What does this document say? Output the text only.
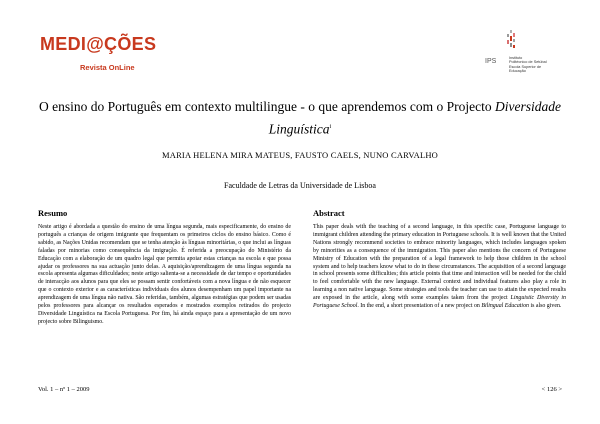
MEDI@ÇÕES
Revista OnLine
IPS	Instituto
Politécnico de Setúbal
Escola Superior de
Educação
O ensino do Português em contexto multilingue - o que aprendemos com o Projecto Diversidade
Linguística$^i$
MARIA HELENA MIRA MATEUS, FAUSTO CAELS, NUNO CARVALHO
Faculdade de Letras da Universidade de Lisboa
Resumo

Neste artigo é abordada a questão do ensino de uma língua segunda, mais especificamente, do ensino de português a crianças de origem imigrante que frequentam os primeiros ciclos do ensino básico. Como é sabido, as Nações Unidas recomendam que se tenha atenção às línguas minoritárias, o que inclui as línguas faladas por minorias como consequência da imigração. É referida a preocupação do Ministério da Educação com a elaboração de um quadro legal que permita apoiar estas crianças na escola e que possa ajudar os professores na sua actuação junto delas. A aquisição/aprendizagem de uma língua segunda na escola apresenta algumas dificuldades; neste artigo salienta-se a necessidade de dar tempo e oportunidades de interacção aos alunos para que eles se possam sentir confortáveis com a nova língua e de não esquecer que o contexto exterior e as características individuais dos alunos desempenham um papel importante na aprendizagem de uma língua não nativa. São referidas, também, algumas estratégias que podem ser usadas pelos professores para alcançar os resultados esperados e mostrados exemplos retirados do projecto Diversidade Linguística na Escola Portuguesa. Por fim, há ainda espaço para a apresentação de um novo projecto sobre Bilinguismo.

Abstract

This paper deals with the teaching of a second language, in this specific case, Portuguese language to immigrant children attending the primary education in Portuguese schools. It is well known that the United Nations strongly recommend societies to embrace minority languages, which includes languages spoken by minorities as a consequence of the immigration. This paper also mentions the concern of Portuguese Ministry of Education with the preparation of a legal framework to help those children in the school system and to help teachers know what to do in these circumstances. The acquisition of a second language in school presents some difficulties; this article points that time and interaction will be needed for the child to feel comfortable with the new language. External context and individual features also play a role in learning a non native language. Some strategies and tools the teacher can use to attain the expected results are exposed in the article, along with some examples taken from the project Linguistic Diversity in Portuguese School. In the end, a short presentation of a new project on Bilingual Education is also given.

Vol. 1 – nº 1 – 2009	< 126 >
